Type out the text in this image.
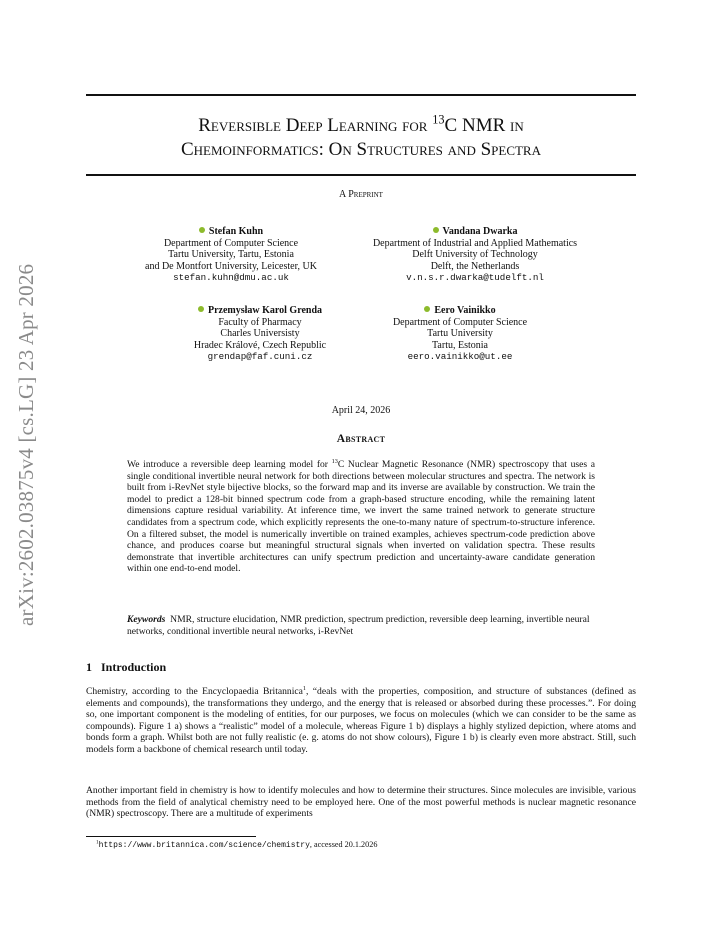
arXiv:2602.03875v4 [cs.LG] 23 Apr 2026
Reversible Deep Learning for $^{13}$C NMR in
Chemoinformatics: On Structures and Spectra
A Preprint
Stefan Kuhn
Department of Computer Science
Tartu University, Tartu, Estonia
and De Montfort University, Leicester, UK
stefan.kuhn@dmu.ac.uk
Vandana Dwarka
Department of Industrial and Applied Mathematics
Delft University of Technology
Delft, the Netherlands
v.n.s.r.dwarka@tudelft.nl
Przemysław Karol Grenda
Faculty of Pharmacy
Charles Universisty
Hradec Králové, Czech Republic
grendap@faf.cuni.cz
Eero Vainikko
Department of Computer Science
Tartu University
Tartu, Estonia
eero.vainikko@ut.ee
April 24, 2026
Abstract
We introduce a reversible deep learning model for $^{13}$C Nuclear Magnetic Resonance (NMR) spectroscopy that uses a single conditional invertible neural network for both directions between molecular structures and spectra. The network is built from i-RevNet style bijective blocks, so the forward map and its inverse are available by construction. We train the model to predict a 128-bit binned spectrum code from a graph-based structure encoding, while the remaining latent dimensions capture residual variability. At inference time, we invert the same trained network to generate structure candidates from a spectrum code, which explicitly represents the one-to-many nature of spectrum-to-structure inference. On a filtered subset, the model is numerically invertible on trained examples, achieves spectrum-code prediction above chance, and produces coarse but meaningful structural signals when inverted on validation spectra. These results demonstrate that invertible architectures can unify spectrum prediction and uncertainty-aware candidate generation within one end-to-end model.
Keywords NMR, structure elucidation, NMR prediction, spectrum prediction, reversible deep learning, invertible neural networks, conditional invertible neural networks, i-RevNet
1 Introduction
Chemistry, according to the Encyclopaedia Britannica$^1$, “deals with the properties, composition, and structure of substances (defined as elements and compounds), the transformations they undergo, and the energy that is released or absorbed during these processes.”. For doing so, one important component is the modeling of entities, for our purposes, we focus on molecules (which we can consider to be the same as compounds). Figure 1 a) shows a “realistic” model of a molecule, whereas Figure 1 b) displays a highly stylized depiction, where atoms and bonds form a graph. Whilst both are not fully realistic (e. g. atoms do not show colours), Figure 1 b) is clearly even more abstract. Still, such models form a backbone of chemical research until today.
Another important field in chemistry is how to identify molecules and how to determine their structures. Since molecules are invisible, various methods from the field of analytical chemistry need to be employed here. One of the most powerful methods is nuclear magnetic resonance (NMR) spectroscopy. There are a multitude of experiments
$^1$https://www.britannica.com/science/chemistry, accessed 20.1.2026
